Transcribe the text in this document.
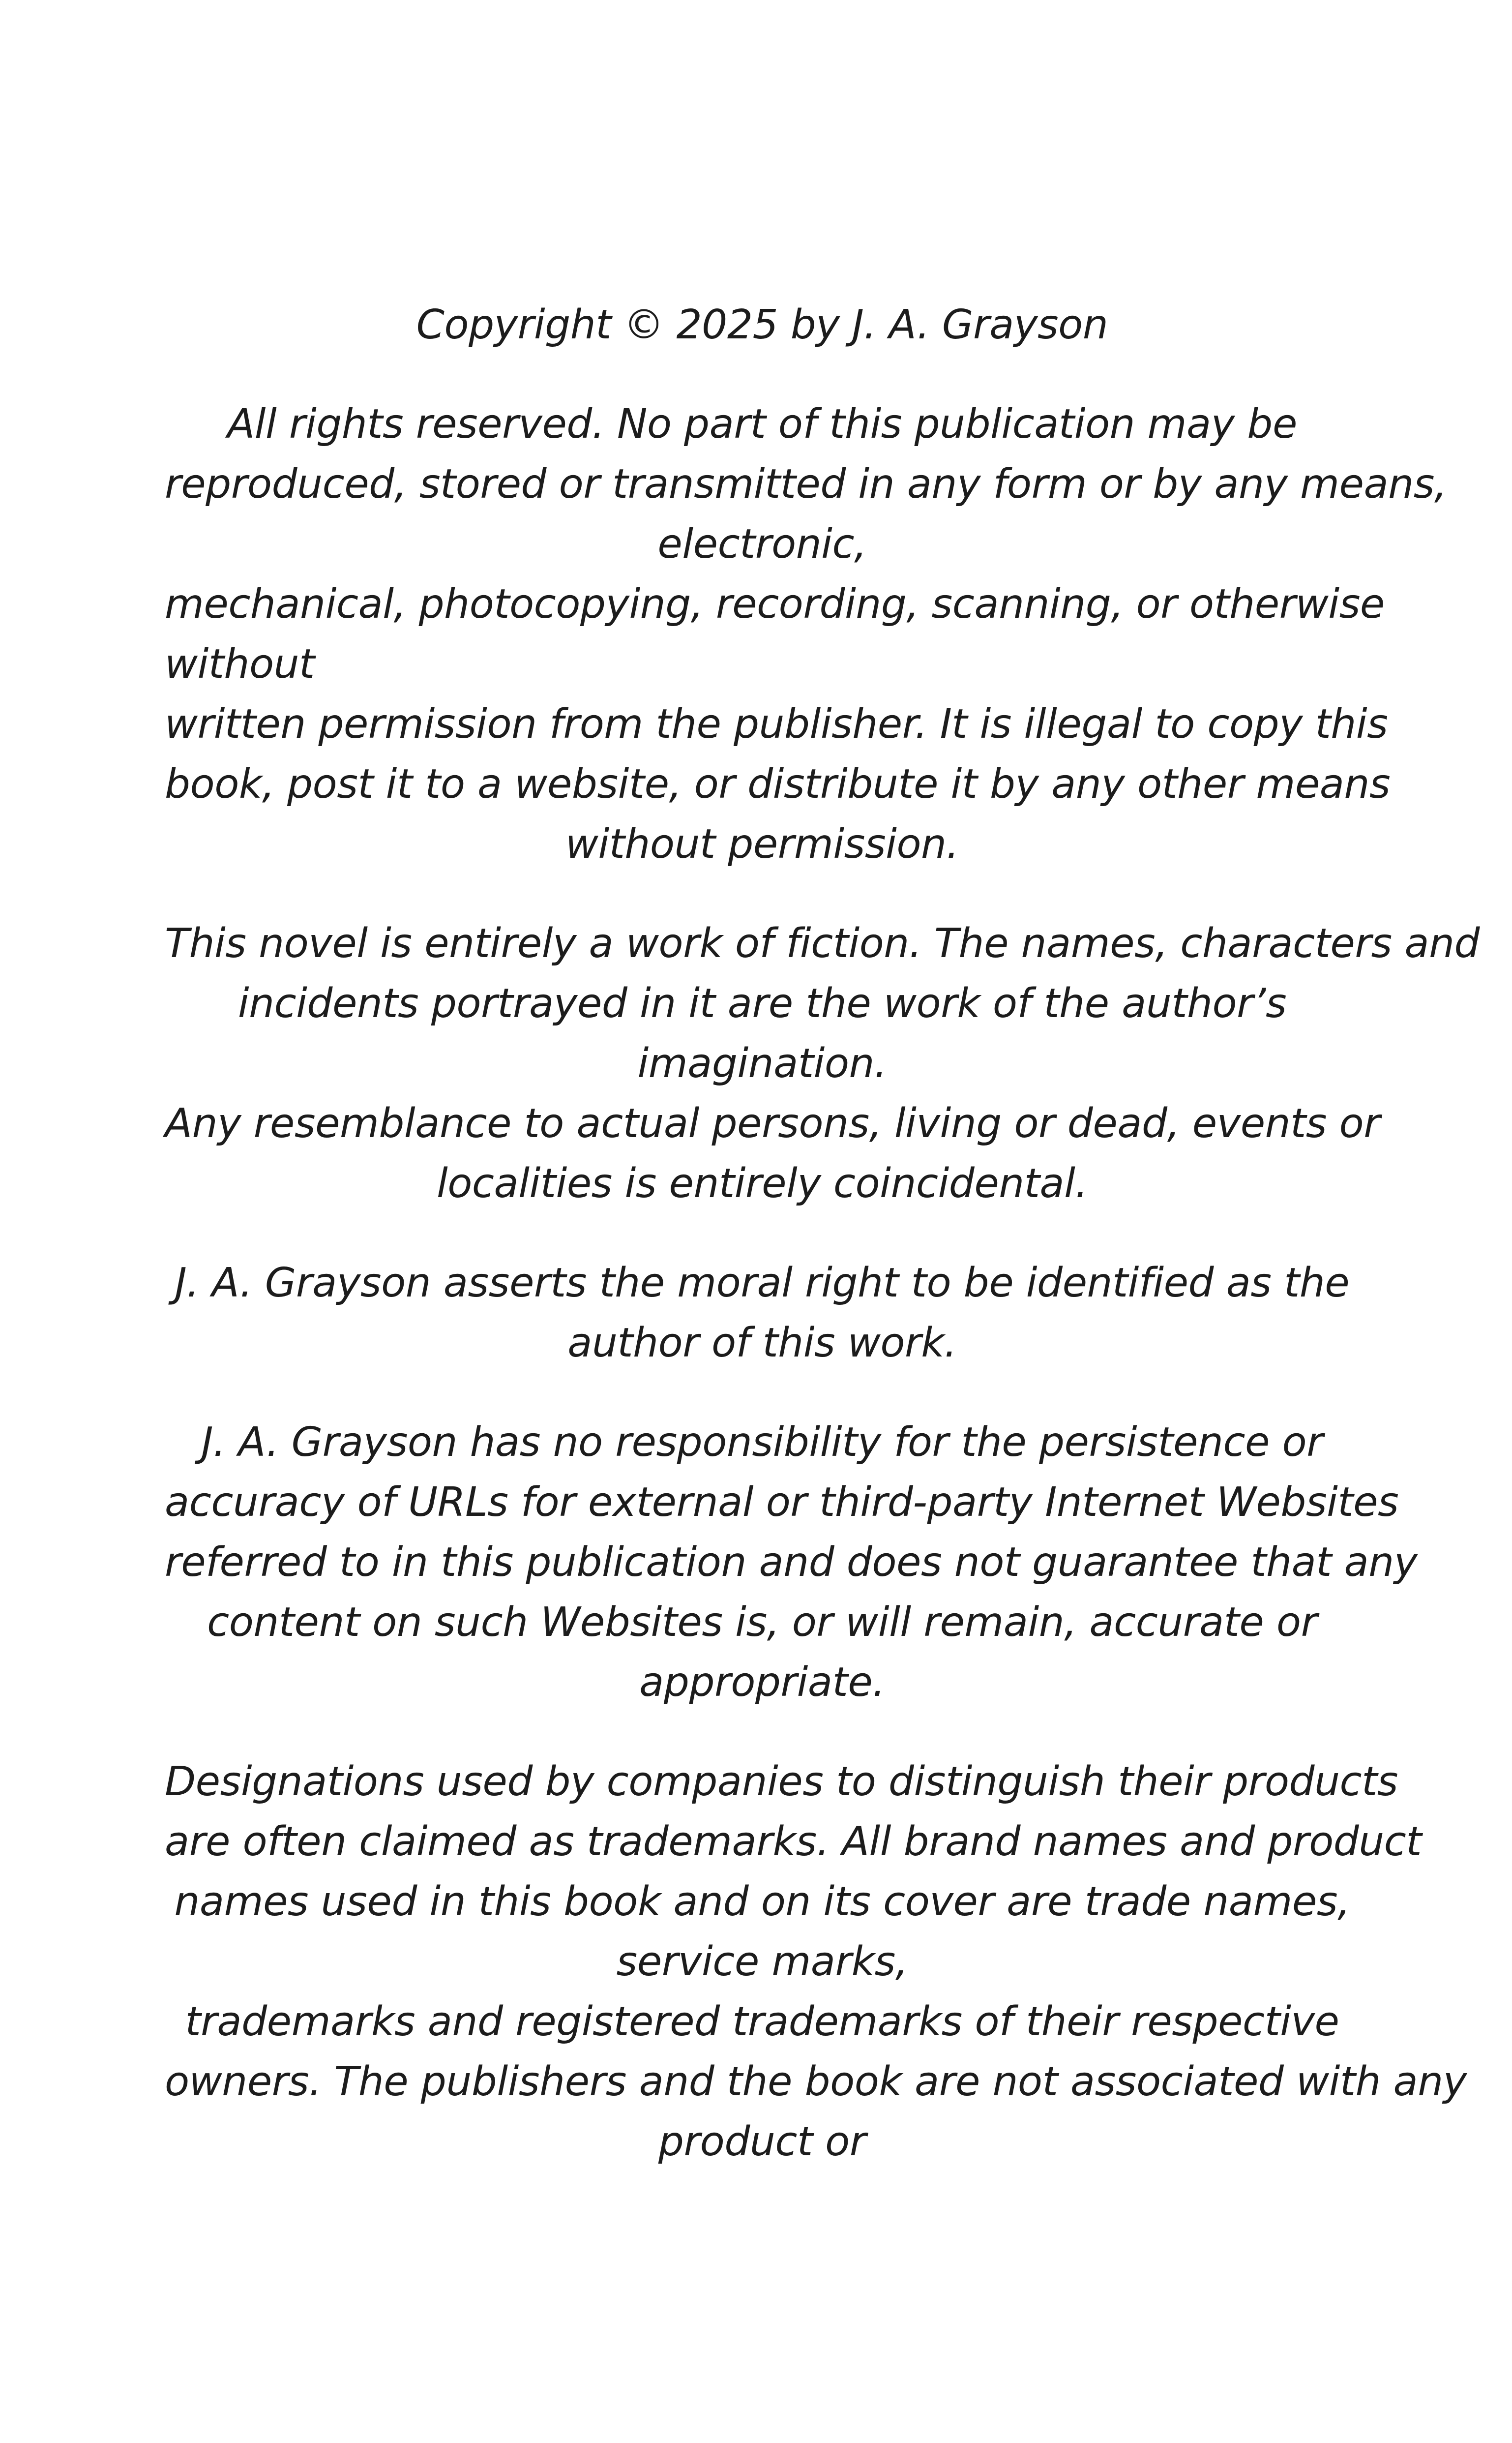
Copyright © 2025 by J. A. Grayson

All rights reserved. No part of this publication may be
reproduced, stored or transmitted in any form or by any means,
electronic,
mechanical, photocopying, recording, scanning, or otherwise
without
written permission from the publisher. It is illegal to copy this
book, post it to a website, or distribute it by any other means
without permission.

This novel is entirely a work of fiction. The names, characters and
incidents portrayed in it are the work of the author’s
imagination.
Any resemblance to actual persons, living or dead, events or
localities is entirely coincidental.

J. A. Grayson asserts the moral right to be identified as the
author of this work.

J. A. Grayson has no responsibility for the persistence or
accuracy of URLs for external or third-party Internet Websites
referred to in this publication and does not guarantee that any
content on such Websites is, or will remain, accurate or
appropriate.

Designations used by companies to distinguish their products
are often claimed as trademarks. All brand names and product
names used in this book and on its cover are trade names,
service marks,
trademarks and registered trademarks of their respective
owners. The publishers and the book are not associated with any
product or
